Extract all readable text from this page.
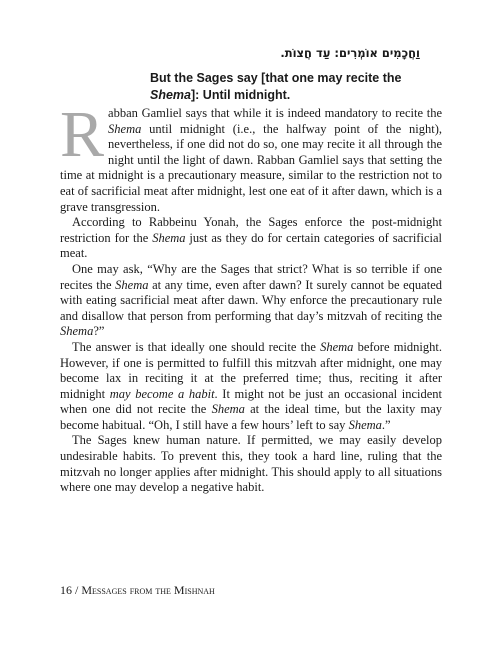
וַחֲכָמִים אוֹמְרִים: עַד חֲצוֹת.
But the Sages say [that one may recite the Shema]: Until midnight.

Rabban Gamliel says that while it is indeed mandatory to recite the Shema until midnight (i.e., the halfway point of the night), nevertheless, if one did not do so, one may recite it all through the night until the light of dawn. Rabban Gamliel says that setting the time at midnight is a precautionary measure, similar to the restriction not to eat of sacrificial meat after midnight, lest one eat of it after dawn, which is a grave transgression.

According to Rabbeinu Yonah, the Sages enforce the post-midnight restriction for the Shema just as they do for certain categories of sacrificial meat.

One may ask, “Why are the Sages that strict? What is so terrible if one recites the Shema at any time, even after dawn? It surely cannot be equated with eating sacrificial meat after dawn. Why enforce the precautionary rule and disallow that person from performing that day’s mitzvah of reciting the Shema?”

The answer is that ideally one should recite the Shema before midnight. However, if one is permitted to fulfill this mitzvah after midnight, one may become lax in reciting it at the preferred time; thus, reciting it after midnight may become a habit. It might not be just an occasional incident when one did not recite the Shema at the ideal time, but the laxity may become habitual. “Oh, I still have a few hours’ left to say Shema.”

The Sages knew human nature. If permitted, we may easily develop undesirable habits. To prevent this, they took a hard line, ruling that the mitzvah no longer applies after midnight. This should apply to all situations where one may develop a negative habit.

16 / Messages from the Mishnah
